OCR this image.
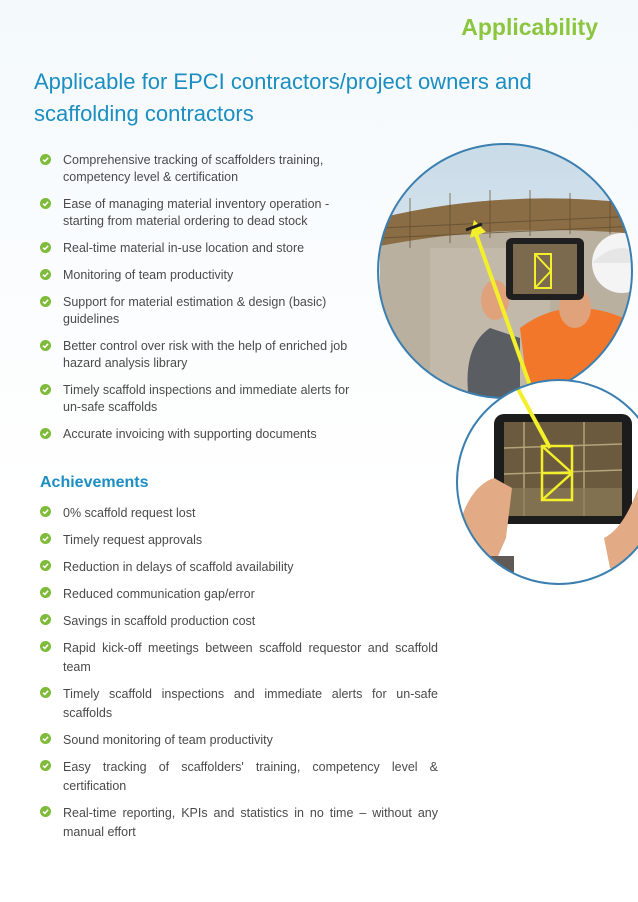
Applicability
Applicable for EPCI contractors/project owners and scaffolding contractors
Comprehensive tracking of scaffolders training, competency level & certification
Ease of managing material inventory operation - starting from material ordering to dead stock
Real-time material in-use location and store
Monitoring of team productivity
Support for material estimation & design (basic) guidelines
Better control over risk with the help of enriched job hazard analysis library
Timely scaffold inspections and immediate alerts for un-safe scaffolds
Accurate invoicing with supporting documents
Achievements
0% scaffold request lost
Timely request approvals
Reduction in delays of scaffold availability
Reduced communication gap/error
Savings in scaffold production cost
Rapid kick-off meetings between scaffold requestor and scaffold team
Timely scaffold inspections and immediate alerts for un-safe scaffolds
Sound monitoring of team productivity
Easy tracking of scaffolders' training, competency level & certification
Real-time reporting, KPIs and statistics in no time – without any manual effort
